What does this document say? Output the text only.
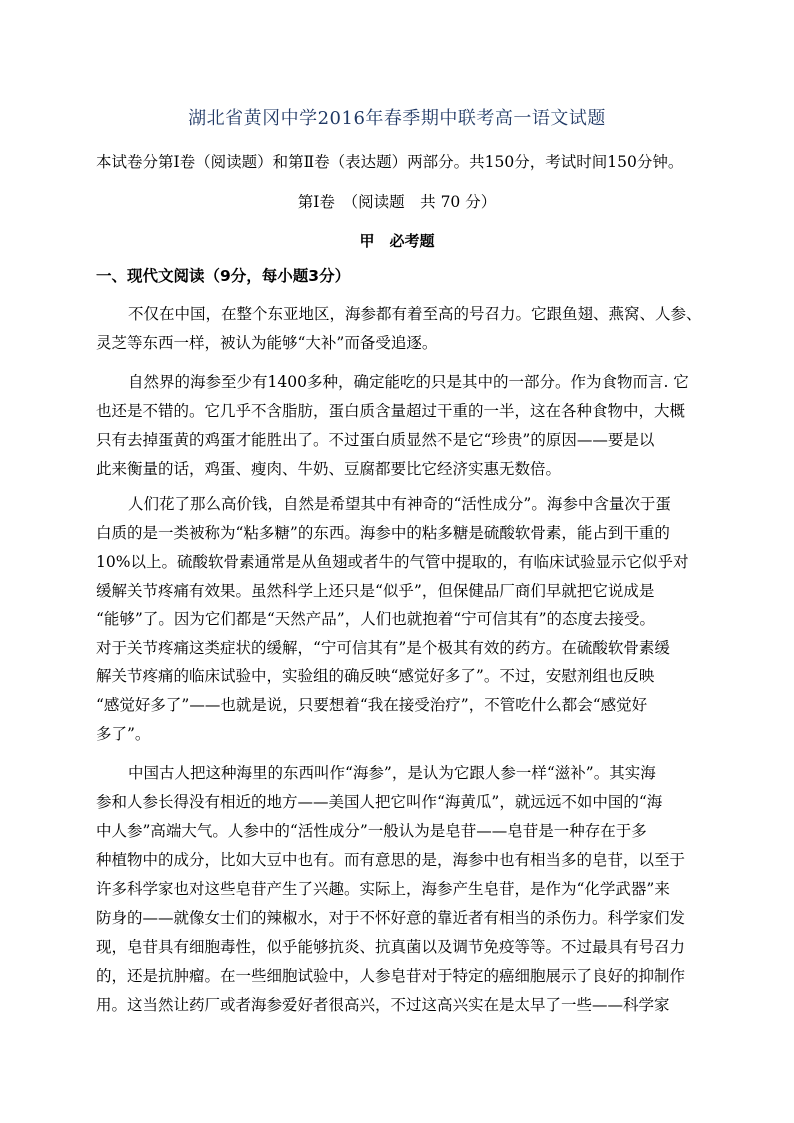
湖北省黄冈中学2016年春季期中联考高一语文试题
本试卷分第Ⅰ卷（阅读题）和第Ⅱ卷（表达题）两部分。共150分，考试时间150分钟。
第Ⅰ卷　（阅读题　共 70 分）
甲　必考题
一、现代文阅读（9分，每小题3分）
不仅在中国，在整个东亚地区，海参都有着至高的号召力。它跟鱼翅、燕窝、人参、
灵芝等东西一样，被认为能够“大补”而备受追逐。
自然界的海参至少有1400多种，确定能吃的只是其中的一部分。作为食物而言. 它
也还是不错的。它几乎不含脂肪，蛋白质含量超过干重的一半，这在各种食物中，大概
只有去掉蛋黄的鸡蛋才能胜出了。不过蛋白质显然不是它“珍贵”的原因——要是以
此来衡量的话，鸡蛋、瘦肉、牛奶、豆腐都要比它经济实惠无数倍。
人们花了那么高价钱，自然是希望其中有神奇的“活性成分”。海参中含量次于蛋
白质的是一类被称为“粘多糖”的东西。海参中的粘多糖是硫酸软骨素，能占到干重的
10%以上。硫酸软骨素通常是从鱼翅或者牛的气管中提取的，有临床试验显示它似乎对
缓解关节疼痛有效果。虽然科学上还只是“似乎”，但保健品厂商们早就把它说成是
“能够”了。因为它们都是“天然产品”，人们也就抱着“宁可信其有”的态度去接受。
对于关节疼痛这类症状的缓解，“宁可信其有”是个极其有效的药方。在硫酸软骨素缓
解关节疼痛的临床试验中，实验组的确反映“感觉好多了”。不过，安慰剂组也反映
“感觉好多了”——也就是说，只要想着“我在接受治疗”，不管吃什么都会“感觉好
多了”。
中国古人把这种海里的东西叫作“海参”，是认为它跟人参一样“滋补”。其实海
参和人参长得没有相近的地方——美国人把它叫作“海黄瓜”，就远远不如中国的“海
中人参”高端大气。人参中的“活性成分”一般认为是皂苷——皂苷是一种存在于多
种植物中的成分，比如大豆中也有。而有意思的是，海参中也有相当多的皂苷，以至于
许多科学家也对这些皂苷产生了兴趣。实际上，海参产生皂苷，是作为“化学武器”来
防身的——就像女士们的辣椒水，对于不怀好意的靠近者有相当的杀伤力。科学家们发
现，皂苷具有细胞毒性，似乎能够抗炎、抗真菌以及调节免疫等等。不过最具有号召力
的，还是抗肿瘤。在一些细胞试验中，人参皂苷对于特定的癌细胞展示了良好的抑制作
用。这当然让药厂或者海参爱好者很高兴，不过这高兴实在是太早了一些——科学家
